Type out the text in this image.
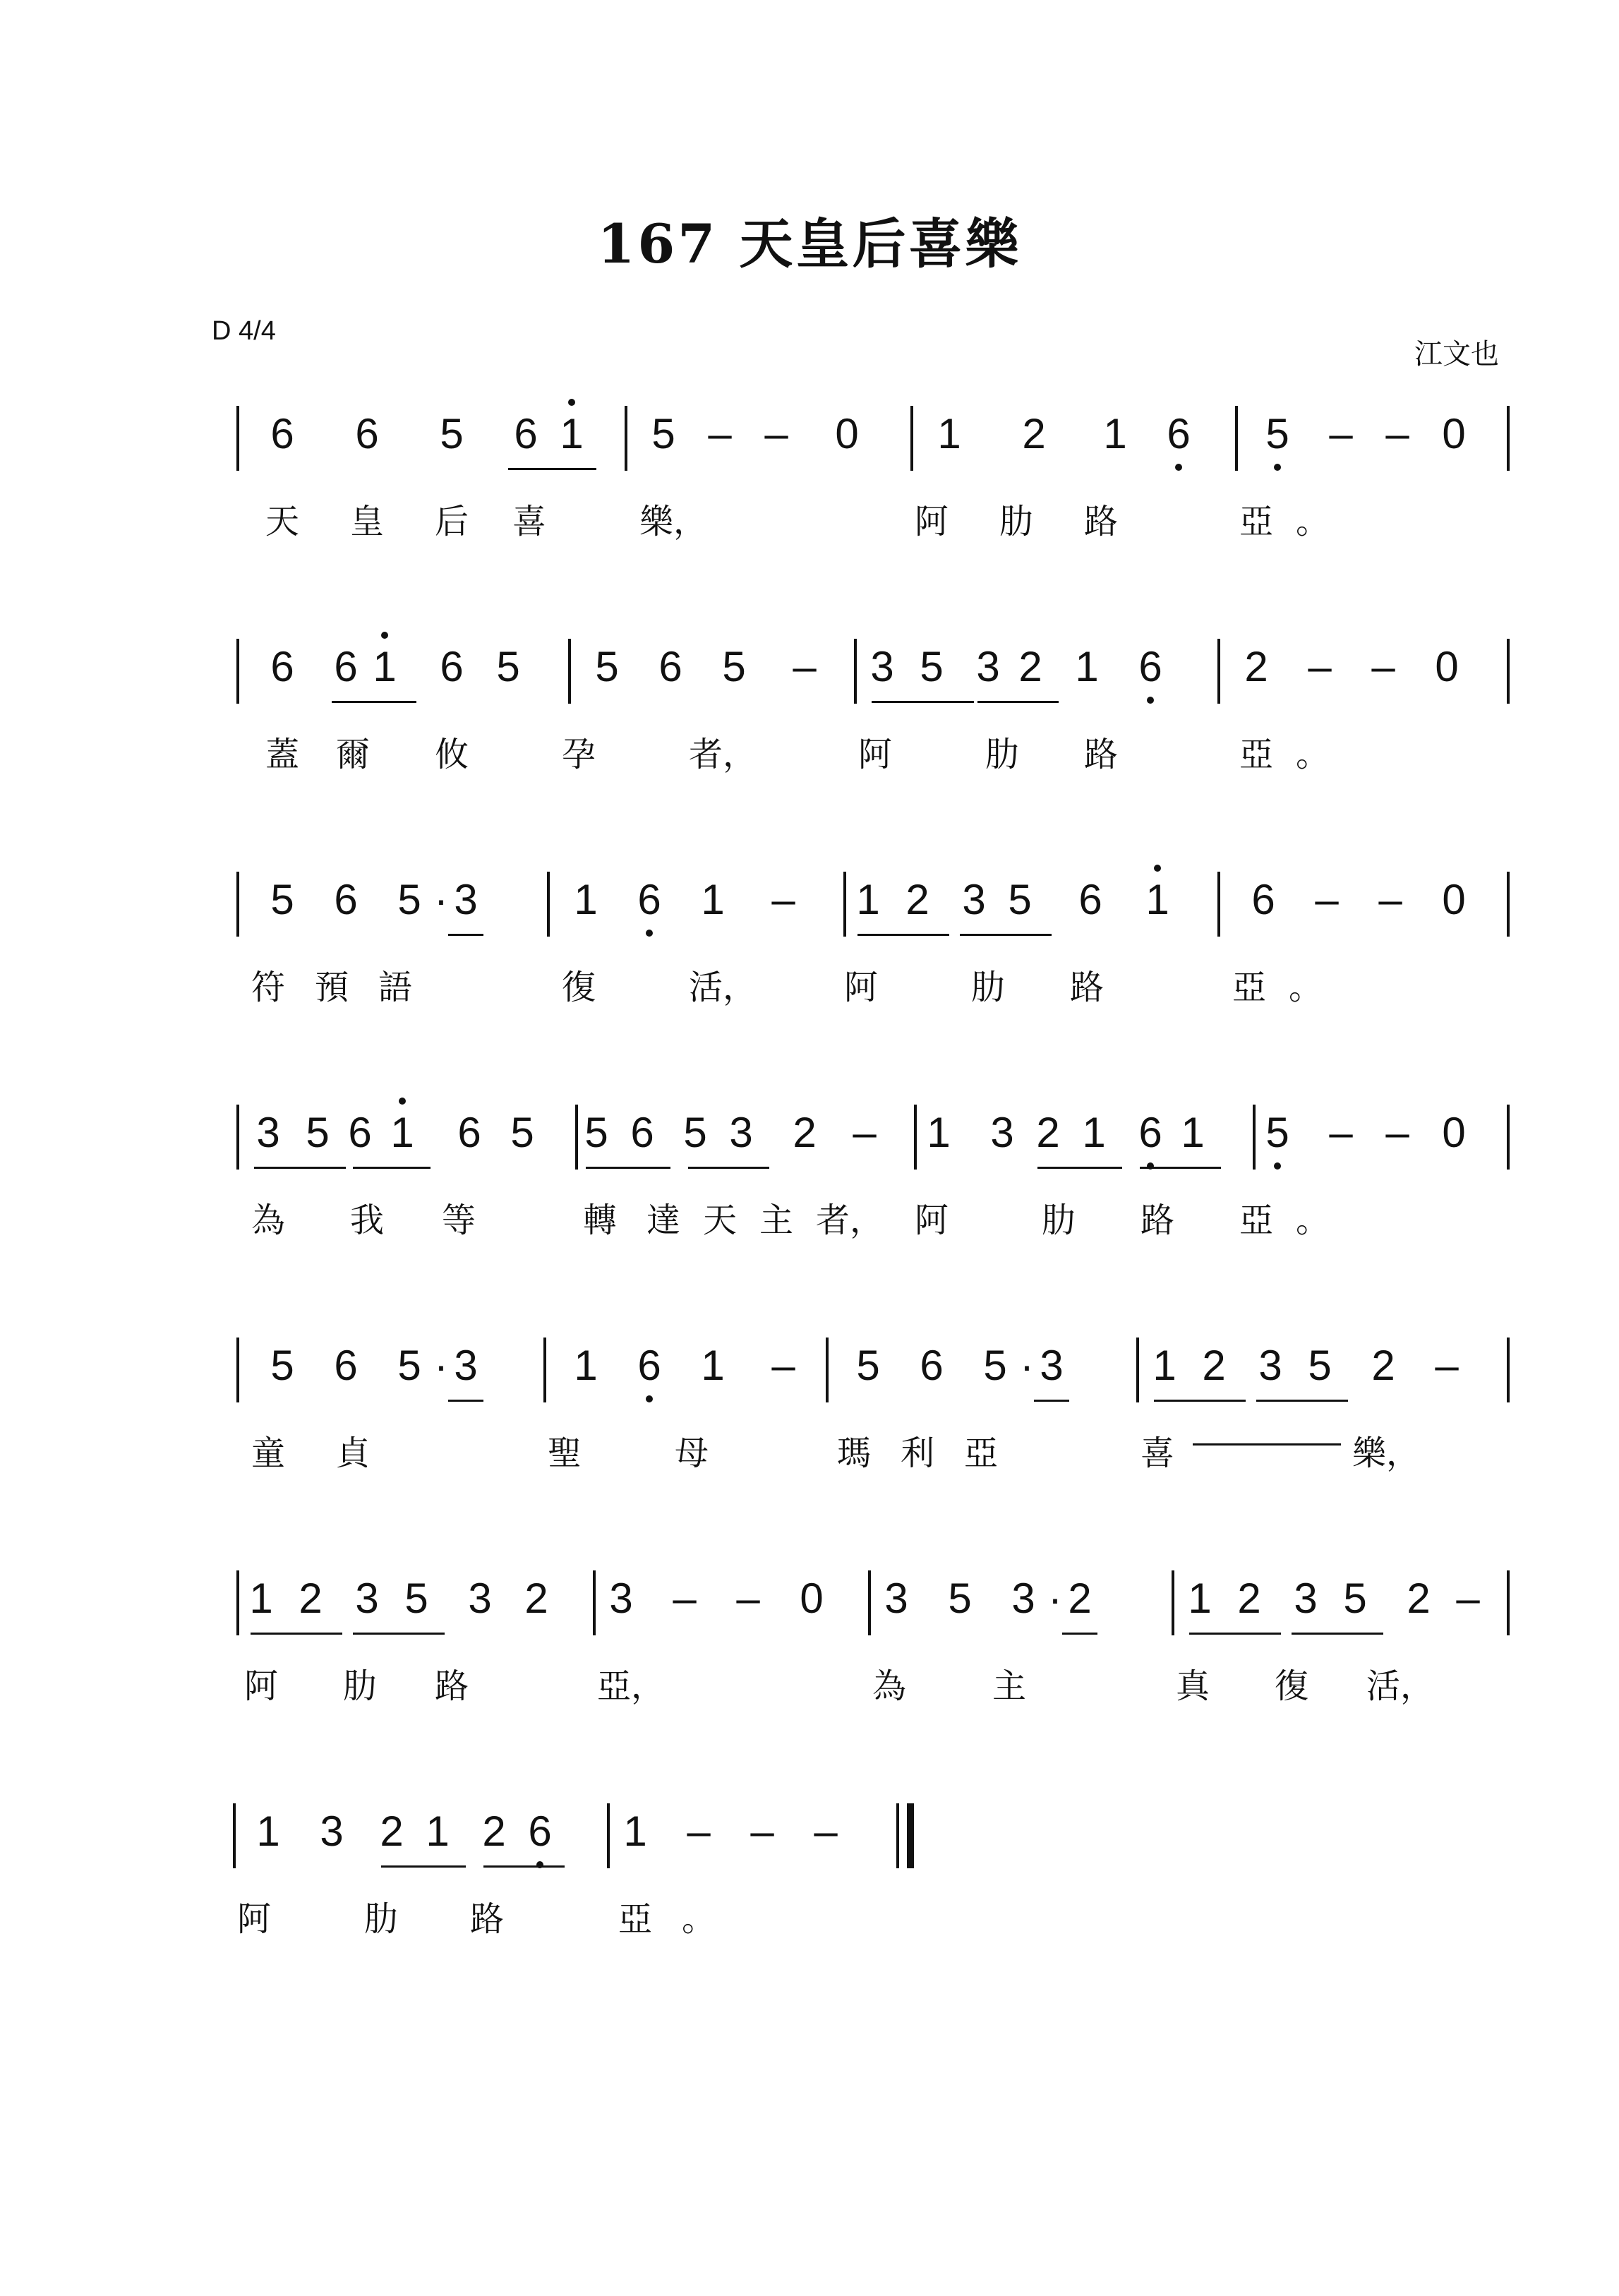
167 天皇后喜樂
D 4/4
江文也
6 6 5 6 1 5 – – 0 1 2 1 6 5 – – 0
天 皇 后 喜	樂，	阿 肋 路	亞 。
6 6 1 6 5 5 6 5 – 3 5 3 2 1 6 2 – – 0
蓋 爾 攸	孕	者，	阿	肋 路	亞 。
5 6 5 · 3 1 6 1 – 1 2 3 5 6 1 6 – – 0
符 預 語	復	活，	阿	肋 路	亞 。
3 5 6 1 6 5 5 6 5 3 2 – 1 3 2 1 6 1 5 – – 0
為 我 等	轉 達 天 主 者， 阿	肋 路 亞 。
5 6 5 · 3 1 6 1 – 5 6 5 · 3 1 2 3 5 2 –
童 貞	聖	母	瑪 利 亞	喜	樂，
1 2 3 5 3 2 3 – – 0 3 5 3 · 2 1 2 3 5 2 –
阿 肋 路	亞，	為	主	真 復 活，
1 3 2 1 2 6 1 – – –
阿	肋 路	亞 。
